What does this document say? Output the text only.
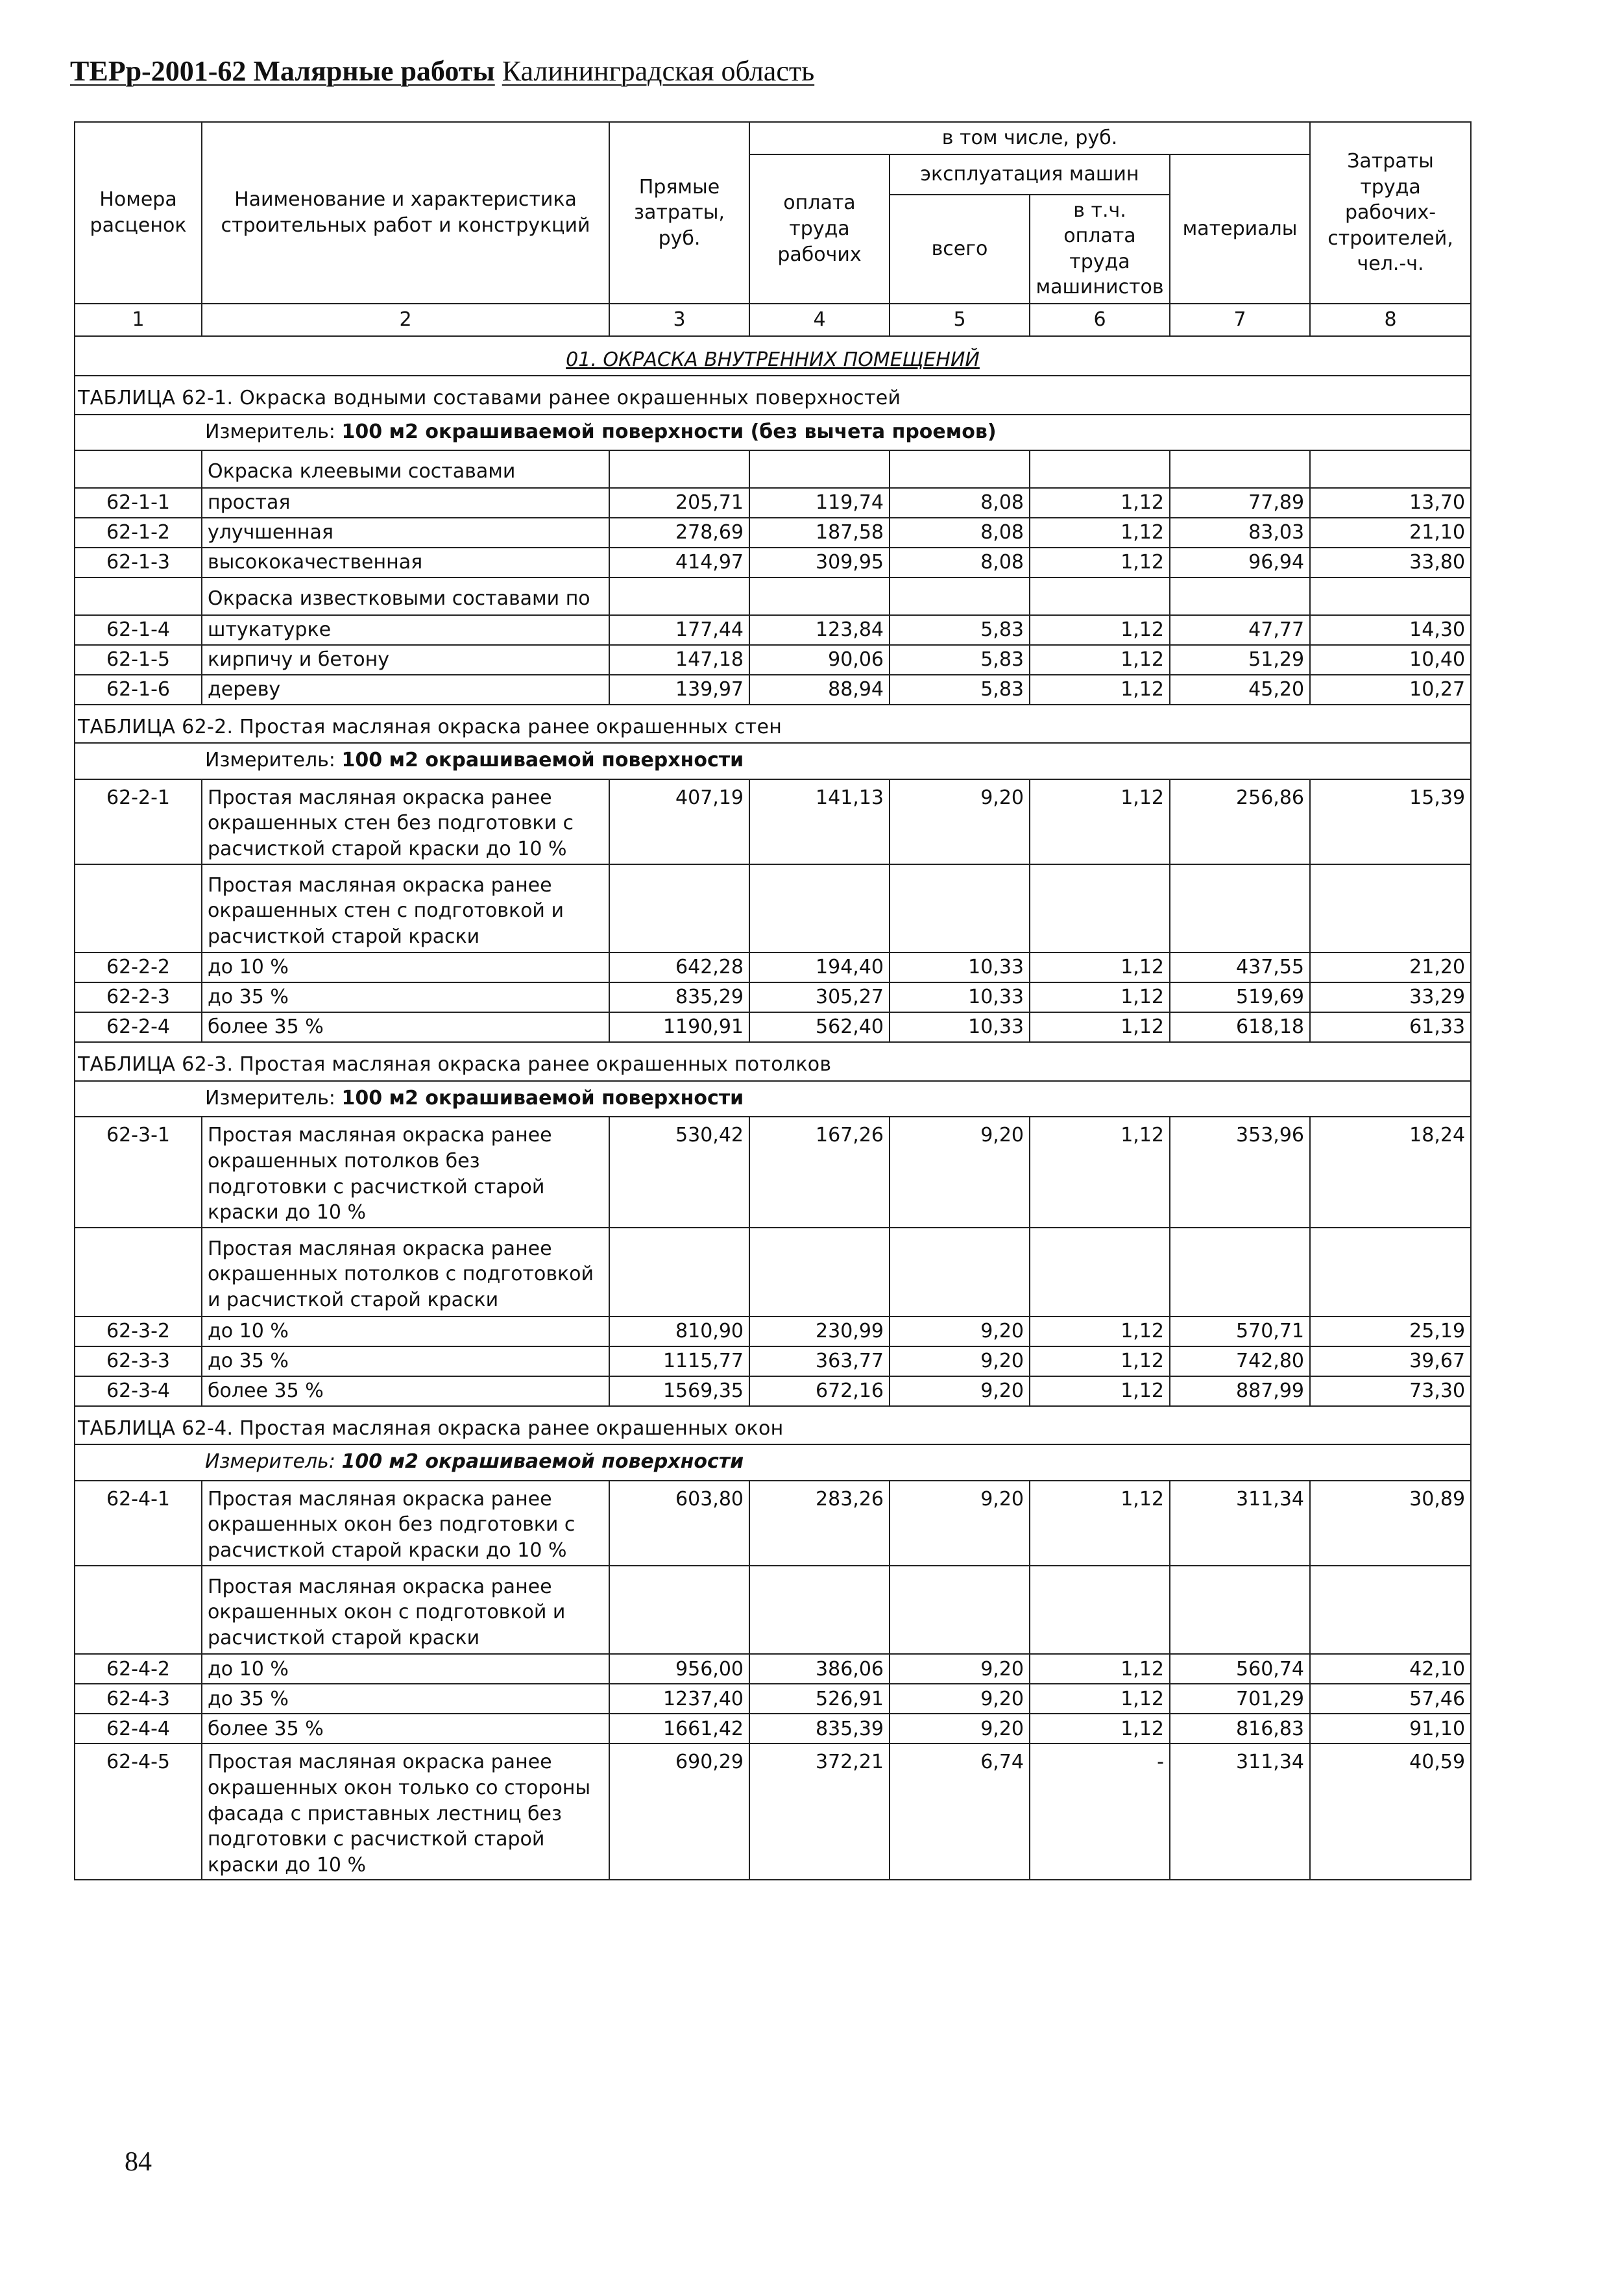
ТЕРр-2001-62 Малярные работы Калининградская область
Номера расценок	Наименование и характеристика строительных работ и конструкций	Прямые затраты, руб.	в том числе, руб.				Затраты труда рабочих-строителей, чел.-ч.
			оплата труда рабочих	эксплуатация машин		материалы	
				всего	в т.ч. оплата труда машинистов		
1	2	3	4	5	6	7	8
01. ОКРАСКА ВНУТРЕННИХ ПОМЕЩЕНИЙ							
ТАБЛИЦА 62-1. Окраска водными составами ранее окрашенных поверхностей							
Измеритель: 100 м2 окрашиваемой поверхности (без вычета проемов)							
	Окраска клеевыми составами						
62-1-1	простая	205,71	119,74	8,08	1,12	77,89	13,70
62-1-2	улучшенная	278,69	187,58	8,08	1,12	83,03	21,10
62-1-3	высококачественная	414,97	309,95	8,08	1,12	96,94	33,80
	Окраска известковыми составами по						
62-1-4	штукатурке	177,44	123,84	5,83	1,12	47,77	14,30
62-1-5	кирпичу и бетону	147,18	90,06	5,83	1,12	51,29	10,40
62-1-6	дереву	139,97	88,94	5,83	1,12	45,20	10,27
ТАБЛИЦА 62-2. Простая масляная окраска ранее окрашенных стен							
Измеритель: 100 м2 окрашиваемой поверхности							
62-2-1	Простая масляная окраска ранее окрашенных стен без подготовки с расчисткой старой краски до 10 %	407,19	141,13	9,20	1,12	256,86	15,39
	Простая масляная окраска ранее окрашенных стен с подготовкой и расчисткой старой краски						
62-2-2	до 10 %	642,28	194,40	10,33	1,12	437,55	21,20
62-2-3	до 35 %	835,29	305,27	10,33	1,12	519,69	33,29
62-2-4	более 35 %	1190,91	562,40	10,33	1,12	618,18	61,33
ТАБЛИЦА 62-3. Простая масляная окраска ранее окрашенных потолков							
Измеритель: 100 м2 окрашиваемой поверхности							
62-3-1	Простая масляная окраска ранее окрашенных потолков без подготовки с расчисткой старой краски до 10 %	530,42	167,26	9,20	1,12	353,96	18,24
	Простая масляная окраска ранее окрашенных потолков с подготовкой и расчисткой старой краски						
62-3-2	до 10 %	810,90	230,99	9,20	1,12	570,71	25,19
62-3-3	до 35 %	1115,77	363,77	9,20	1,12	742,80	39,67
62-3-4	более 35 %	1569,35	672,16	9,20	1,12	887,99	73,30
ТАБЛИЦА 62-4. Простая масляная окраска ранее окрашенных окон							
Измеритель: 100 м2 окрашиваемой поверхности							
62-4-1	Простая масляная окраска ранее окрашенных окон без подготовки с расчисткой старой краски до 10 %	603,80	283,26	9,20	1,12	311,34	30,89
	Простая масляная окраска ранее окрашенных окон с подготовкой и расчисткой старой краски						
62-4-2	до 10 %	956,00	386,06	9,20	1,12	560,74	42,10
62-4-3	до 35 %	1237,40	526,91	9,20	1,12	701,29	57,46
62-4-4	более 35 %	1661,42	835,39	9,20	1,12	816,83	91,10
62-4-5	Простая масляная окраска ранее окрашенных окон только со стороны фасада с приставных лестниц без подготовки с расчисткой старой краски до 10 %	690,29	372,21	6,74	-	311,34	40,59
84
